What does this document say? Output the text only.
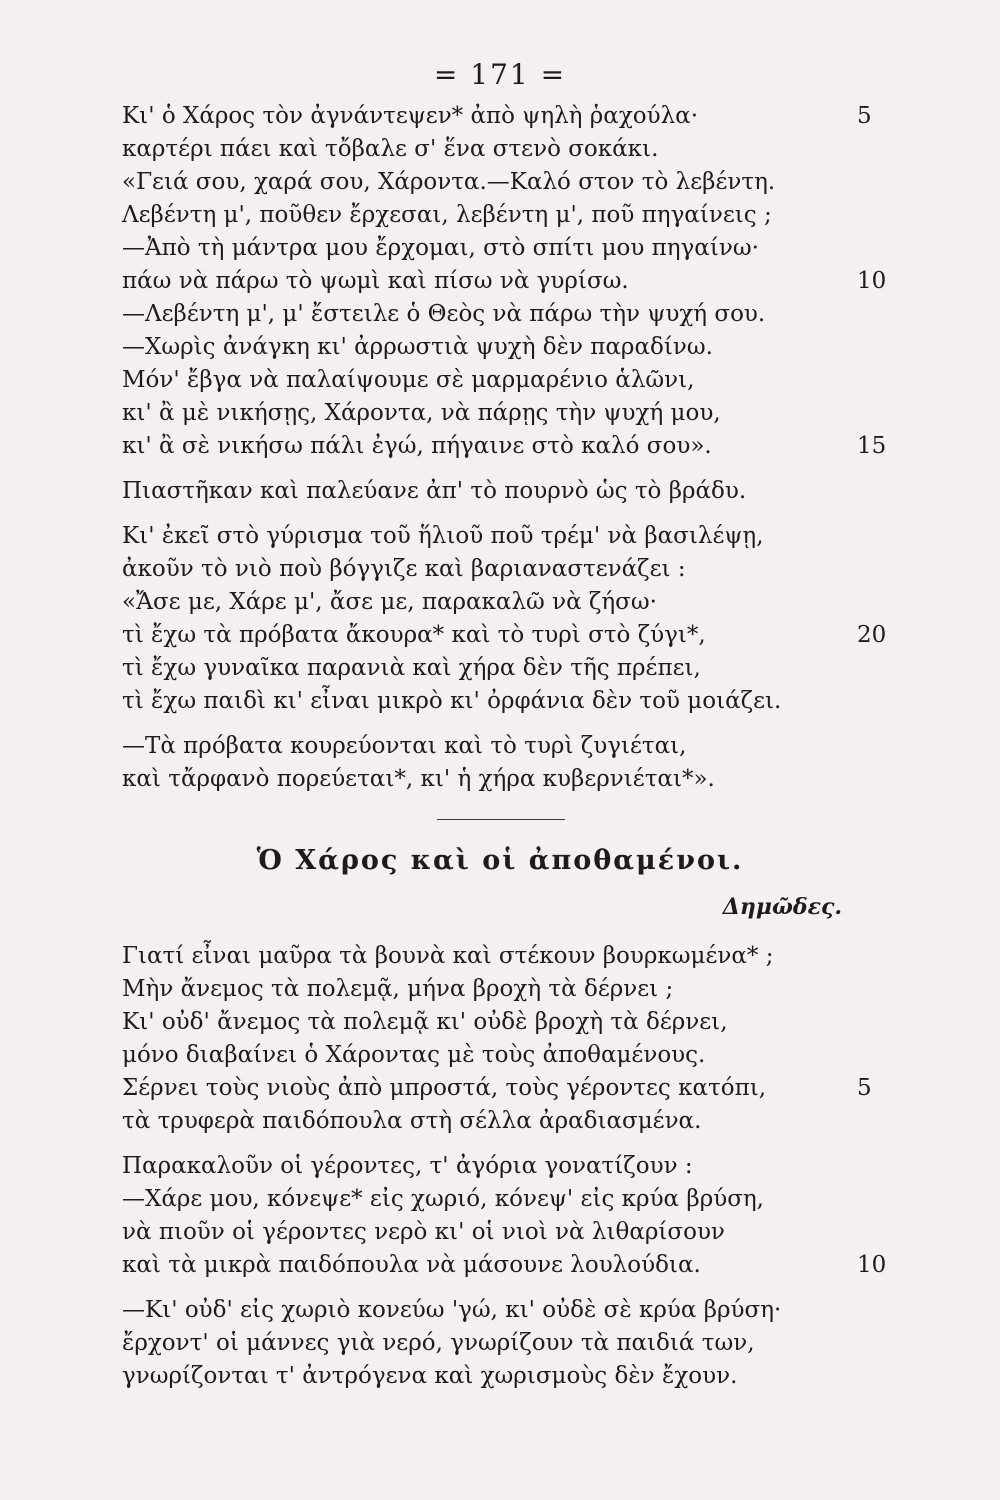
= 171 =
Κι' ὁ Χάρος τὸν ἀγνάντεψεν* ἀπὸ ψηλὴ ῥαχούλα·	5
καρτέρι πάει καὶ τὄβαλε σ' ἕνα στενὸ σοκάκι.
«Γειά σου, χαρά σου, Χάροντα.—Καλό στον τὸ λεβέντη.
Λεβέντη μ', ποῦθεν ἔρχεσαι, λεβέντη μ', ποῦ πηγαίνεις ;
—Ἀπὸ τὴ μάντρα μου ἔρχομαι, στὸ σπίτι μου πηγαίνω·
πάω νὰ πάρω τὸ ψωμὶ καὶ πίσω νὰ γυρίσω.	10
—Λεβέντη μ', μ' ἔστειλε ὁ Θεὸς νὰ πάρω τὴν ψυχή σου.
—Χωρὶς ἀνάγκη κι' ἀρρωστιὰ ψυχὴ δὲν παραδίνω.
Μόν' ἔβγα νὰ παλαίψουμε σὲ μαρμαρένιο ἁλῶνι,
κι' ἂ μὲ νικήσῃς, Χάροντα, νὰ πάρῃς τὴν ψυχή μου,
κι' ἂ σὲ νικήσω πάλι ἐγώ, πήγαινε στὸ καλό σου».	15
Πιαστῆκαν καὶ παλεύανε ἀπ' τὸ πουρνὸ ὡς τὸ βράδυ.
Κι' ἐκεῖ στὸ γύρισμα τοῦ ἥλιοῦ ποῦ τρέμ' νὰ βασιλέψῃ,
ἀκοῦν τὸ νιὸ ποὺ βόγγιζε καὶ βαριαναστενάζει :
«Ἄσε με, Χάρε μ', ἄσε με, παρακαλῶ νὰ ζήσω·
τὶ ἔχω τὰ πρόβατα ἄκουρα* καὶ τὸ τυρὶ στὸ ζύγι*,	20
τὶ ἔχω γυναῖκα παρανιὰ καὶ χήρα δὲν τῆς πρέπει,
τὶ ἔχω παιδὶ κι' εἶναι μικρὸ κι' ὀρφάνια δὲν τοῦ μοιάζει.
—Τὰ πρόβατα κουρεύονται καὶ τὸ τυρὶ ζυγιέται,
καὶ τἄρφανὸ πορεύεται*, κι' ἡ χήρα κυβερνιέται*».
Ὁ Χάρος καὶ οἱ ἀποθαμένοι.
Δημῶδες.
Γιατί εἶναι μαῦρα τὰ βουνὰ καὶ στέκουν βουρκωμένα* ;
Μὴν ἄνεμος τὰ πολεμᾷ, μήνα βροχὴ τὰ δέρνει ;
Κι' οὐδ' ἄνεμος τὰ πολεμᾷ κι' οὐδὲ βροχὴ τὰ δέρνει,
μόνο διαβαίνει ὁ Χάροντας μὲ τοὺς ἀποθαμένους.
Σέρνει τοὺς νιοὺς ἀπὸ μπροστά, τοὺς γέροντες κατόπι,	5
τὰ τρυφερὰ παιδόπουλα στὴ σέλλα ἀραδιασμένα.
Παρακαλοῦν οἱ γέροντες, τ' ἀγόρια γονατίζουν :
—Χάρε μου, κόνεψε* εἰς χωριό, κόνεψ' εἰς κρύα βρύση,
νὰ πιοῦν οἱ γέροντες νερὸ κι' οἱ νιοὶ νὰ λιθαρίσουν
καὶ τὰ μικρὰ παιδόπουλα νὰ μάσουνε λουλούδια.	10
—Κι' οὐδ' εἰς χωριὸ κονεύω 'γώ, κι' οὐδὲ σὲ κρύα βρύση·
ἔρχοντ' οἱ μάννες γιὰ νερό, γνωρίζουν τὰ παιδιά των,
γνωρίζονται τ' ἀντρόγενα καὶ χωρισμοὺς δὲν ἔχουν.
